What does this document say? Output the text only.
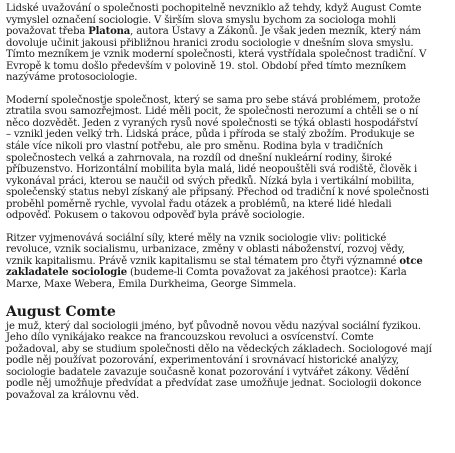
Lidské uvažování o společnosti pochopitelně nevzniklo až tehdy, když August Comte
vymyslel označení sociologie. V širším slova smyslu bychom za sociologa mohli
považovat třeba Platona, autora Ústavy a Zákonů. Je však jeden mezník, který nám
dovoluje učinit jakousi přibližnou hranici zrodu sociologie v dnešním slova smyslu.
Tímto mezníkem je vznik moderní společnosti, která vystřídala společnost tradiční. V
Evropě k tomu došlo především v polovině 19. stol. Období před tímto mezníkem
nazýváme protosociologie.

Moderní společnostje společnost, který se sama pro sebe stává problémem, protože
ztratila svou samozřejmost. Lidé měli pocit, že společnosti nerozumí a chtěli se o ní
něco dozvědět. Jeden z vyraných rysů nové společnosti se týká oblasti hospodářství
– vznikl jeden velký trh. Lidská práce, půda i příroda se stalý zbožím. Produkuje se
stále více nikoli pro vlastní potřebu, ale pro směnu. Rodina byla v tradičních
společnostech velká a zahrnovala, na rozdíl od dnešní nukleární rodiny, široké
příbuzenstvo. Horizontální mobilita byla malá, lidé neopouštěli svá rodiště, člověk i
vykonával práci, kterou se naučil od svých předků. Nízká byla i vertikální mobilita,
společenský status nebyl získaný ale připsaný. Přechod od tradiční k nové společnosti
proběhl poměrně rychle, vyvolal řadu otázek a problémů, na které lidé hledali
odpověď. Pokusem o takovou odpověď byla právě sociologie.

Ritzer vyjmenovává sociální síly, které měly na vznik sociologie vliv: politické
revoluce, vznik socialismu, urbanizace, změny v oblasti náboženství, rozvoj vědy,
vznik kapitalismu. Právě vznik kapitalismu se stal tématem pro čtyři významné otce
zakladatele sociologie (budeme-li Comta považovat za jakéhosi praotce): Karla
Marxe, Maxe Webera, Emila Durkheima, George Simmela.

August Comte

je muž, který dal sociologii jméno, byť původně novou vědu nazýval sociální fyzikou.
Jeho dílo vynikájako reakce na francouzskou revoluci a osvícenství. Comte
požadoval, aby se studium společnosti dělo na vědeckých základech. Sociologové mají
podle něj používat pozorování, experimentování i srovnávací historické analýzy,
sociologie badatele zavazuje současně konat pozorování i vytvářet zákony. Vědění
podle něj umožňuje předvídat a předvídat zase umožňuje jednat. Sociologii dokonce
považoval za královnu věd.
